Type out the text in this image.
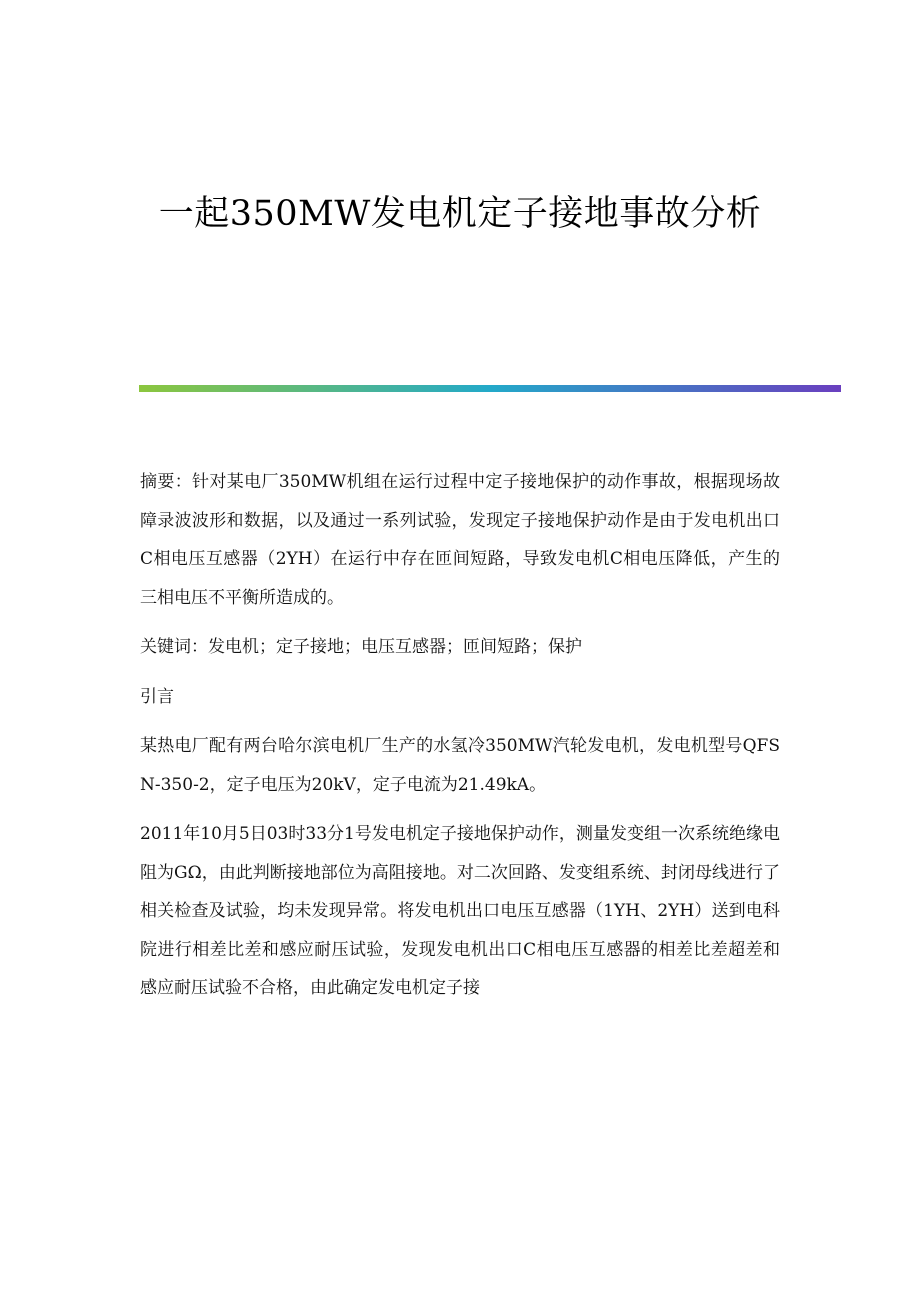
一起350MW发电机定子接地事故分析

摘要：针对某电厂350MW机组在运行过程中定子接地保护的动作事故，根据现场故障录波波形和数据，以及通过一系列试验，发现定子接地保护动作是由于发电机出口C相电压互感器（2YH）在运行中存在匝间短路，导致发电机C相电压降低，产生的三相电压不平衡所造成的。

关键词：发电机；定子接地；电压互感器；匝间短路；保护

引言

某热电厂配有两台哈尔滨电机厂生产的水氢冷350MW汽轮发电机，发电机型号QFSN-350-2，定子电压为20kV，定子电流为21.49kA。

2011年10月5日03时33分1号发电机定子接地保护动作，测量发变组一次系统绝缘电阻为GΩ，由此判断接地部位为高阻接地。对二次回路、发变组系统、封闭母线进行了相关检查及试验，均未发现异常。将发电机出口电压互感器（1YH、2YH）送到电科院进行相差比差和感应耐压试验，发现发电机出口C相电压互感器的相差比差超差和感应耐压试验不合格，由此确定发电机定子接
